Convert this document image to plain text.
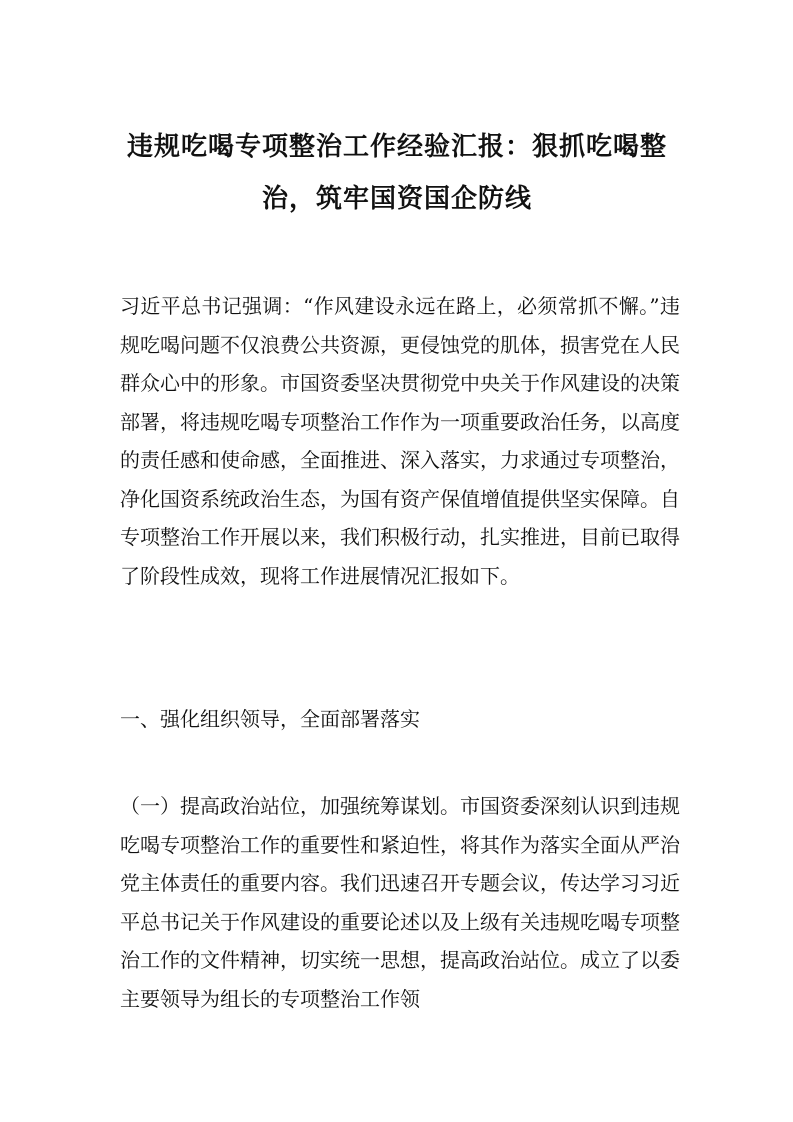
违规吃喝专项整治工作经验汇报：狠抓吃喝整治，筑牢国资国企防线

习近平总书记强调：“作风建设永远在路上，必须常抓不懈。”违规吃喝问题不仅浪费公共资源，更侵蚀党的肌体，损害党在人民群众心中的形象。市国资委坚决贯彻党中央关于作风建设的决策部署，将违规吃喝专项整治工作作为一项重要政治任务，以高度的责任感和使命感，全面推进、深入落实，力求通过专项整治，净化国资系统政治生态，为国有资产保值增值提供坚实保障。自专项整治工作开展以来，我们积极行动，扎实推进，目前已取得了阶段性成效，现将工作进展情况汇报如下。

一、强化组织领导，全面部署落实

（一）提高政治站位，加强统筹谋划。市国资委深刻认识到违规吃喝专项整治工作的重要性和紧迫性，将其作为落实全面从严治党主体责任的重要内容。我们迅速召开专题会议，传达学习习近平总书记关于作风建设的重要论述以及上级有关违规吃喝专项整治工作的文件精神，切实统一思想，提高政治站位。成立了以委主要领导为组长的专项整治工作领
